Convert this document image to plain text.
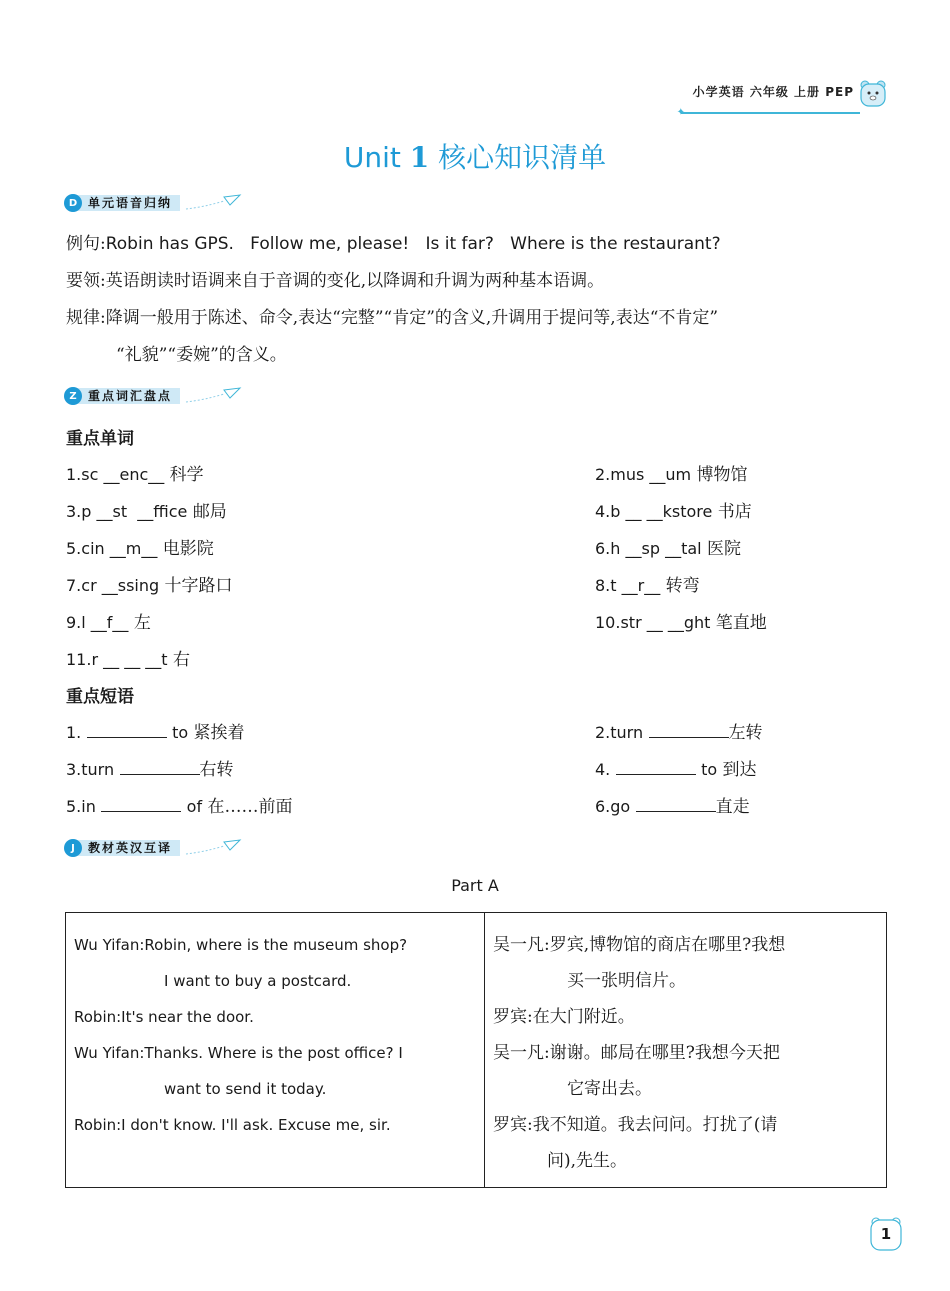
小学英语 六年级 上册 PEP
✦
Unit 1 核心知识清单
D 单元语音归纳
例句:Robin has GPS.   Follow me, please!   Is it far?   Where is the restaurant?
要领:英语朗读时语调来自于音调的变化,以降调和升调为两种基本语调。
规律:降调一般用于陈述、命令,表达“完整”“肯定”的含义,升调用于提问等,表达“不肯定”
“礼貌”“委婉”的含义。
Z 重点词汇盘点
重点单词
1.sc __enc__ 科学	2.mus __um 博物馆
3.p __st  __ffice 邮局	4.b __ __kstore 书店
5.cin __m__ 电影院	6.h __sp __tal 医院
7.cr __ssing 十字路口	8.t __r__ 转弯
9.l __f__ 左	10.str __ __ght 笔直地
11.r __ __ __t 右
重点短语
1.	to 紧挨着	2.turn	左转
3.turn	右转	4.	to 到达
5.in	of 在……前面	6.go	直走
J	教材英汉互译
Part A
Wu Yifan:Robin, where is the museum shop?
I want to buy a postcard.
Robin:It's near the door.
Wu Yifan:Thanks. Where is the post office? I
want to send it today.
Robin:I don't know. I'll ask. Excuse me, sir.
	吴一凡:罗宾,博物馆的商店在哪里?我想
买一张明信片。
罗宾:在大门附近。
吴一凡:谢谢。邮局在哪里?我想今天把
它寄出去。
罗宾:我不知道。我去问问。打扰了(请
问),先生。
1
